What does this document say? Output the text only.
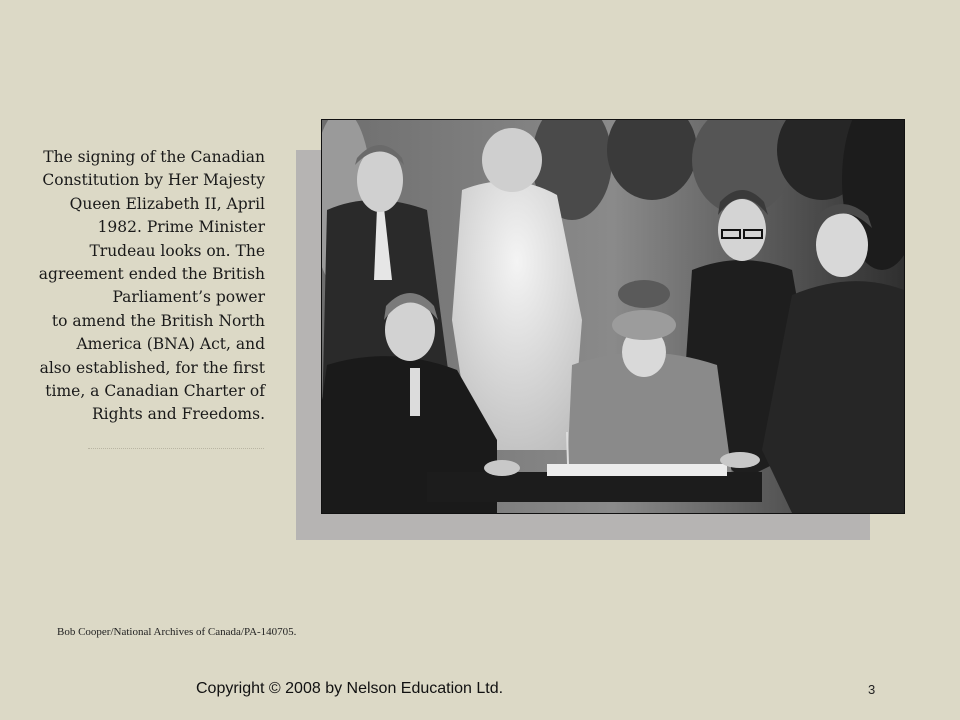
The signing of the Canadian
Constitution by Her Majesty
Queen Elizabeth II, April
1982. Prime Minister
Trudeau looks on. The
agreement ended the British
Parliament’s power
to amend the British North
America (BNA) Act, and
also established, for the first
time, a Canadian Charter of
Rights and Freedoms.
Bob Cooper/National Archives of Canada/PA-140705.
Copyright © 2008 by Nelson Education Ltd.	3
